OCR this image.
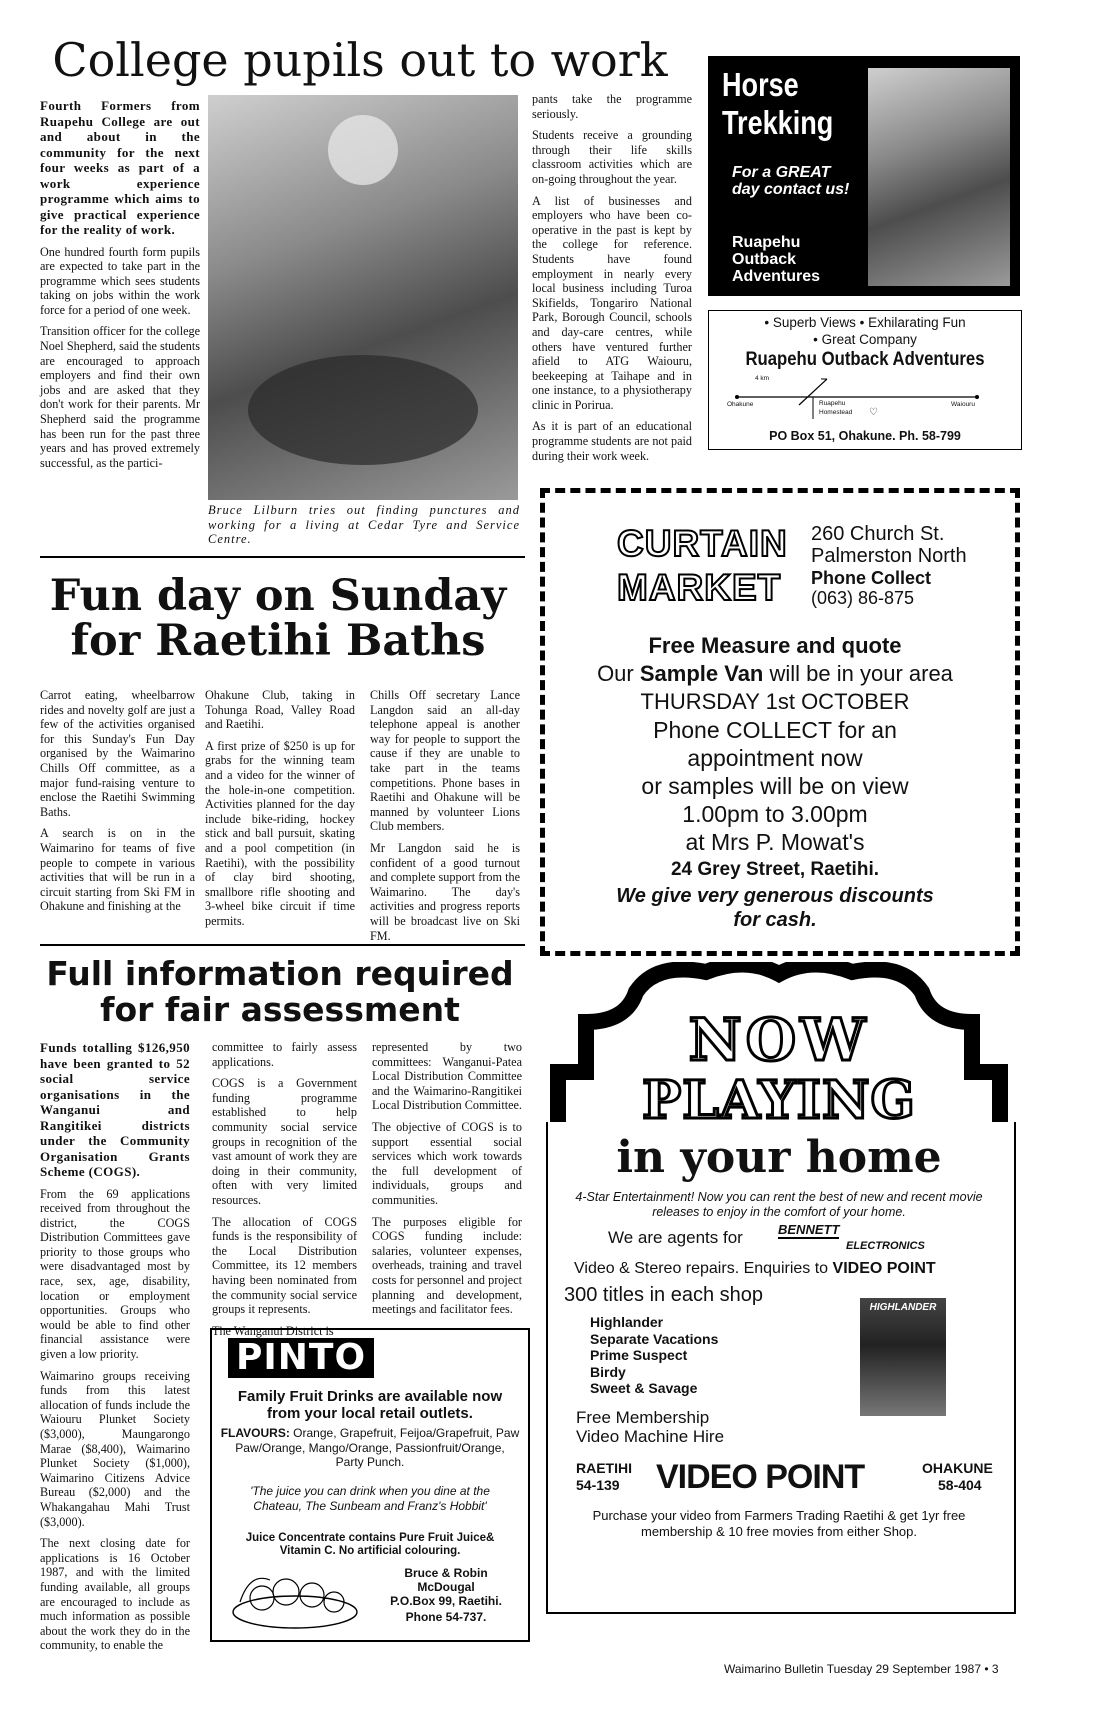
College pupils out to work

Fourth Formers from Ruapehu College are out and about in the community for the next four weeks as part of a work experience programme which aims to give practical experience for the reality of work.

One hundred fourth form pupils are expected to take part in the programme which sees students taking on jobs within the work force for a period of one week.

Transition officer for the college Noel Shepherd, said the students are encouraged to approach employers and find their own jobs and are asked that they don't work for their parents. Mr Shepherd said the programme has been run for the past three years and has proved extremely successful, as the partici-

Bruce Lilburn tries out finding punctures and working for a living at Cedar Tyre and Service Centre.

pants take the programme seriously.

Students receive a grounding through their life skills classroom activities which are on-going throughout the year.

A list of businesses and employers who have been co-operative in the past is kept by the college for reference. Students have found employment in nearly every local business including Turoa Skifields, Tongariro National Park, Borough Council, schools and day-care centres, while others have ventured further afield to ATG Waiouru, beekeeping at Taihape and in one instance, to a physiotherapy clinic in Porirua.

As it is part of an educational programme students are not paid during their work week.

Horse Trekking
For a GREAT day contact us!
Ruapehu Outback Adventures
• Superb Views • Exhilarating Fun
• Great Company
Ruapehu Outback Adventures
4 km
Ohakune	Ruapehu Homestead	♡
Waiouru
PO Box 51, Ohakune. Ph. 58-799
Fun day on Sunday for Raetihi Baths

Carrot eating, wheelbarrow rides and novelty golf are just a few of the activities organised for this Sunday's Fun Day organised by the Waimarino Chills Off committee, as a major fund-raising venture to enclose the Raetihi Swimming Baths.

A search is on in the Waimarino for teams of five people to compete in various activities that will be run in a circuit starting from Ski FM in Ohakune and finishing at the

Ohakune Club, taking in Tohunga Road, Valley Road and Raetihi.

A first prize of $250 is up for grabs for the winning team and a video for the winner of the hole-in-one competition. Activities planned for the day include bike-riding, hockey stick and ball pursuit, skating and a pool competition (in Raetihi), with the possibility of clay bird shooting, smallbore rifle shooting and 3-wheel bike circuit if time permits.

Chills Off secretary Lance Langdon said an all-day telephone appeal is another way for people to support the cause if they are unable to take part in the teams competitions. Phone bases in Raetihi and Ohakune will be manned by volunteer Lions Club members.

Mr Langdon said he is confident of a good turnout and complete support from the Waimarino. The day's activities and progress reports will be broadcast live on Ski FM.

CURTAIN
MARKET
260 Church St.
Palmerston North
Phone Collect
(063) 86-875
Free Measure and quote
Our Sample Van will be in your area
THURSDAY 1st OCTOBER
Phone COLLECT for an
appointment now
or samples will be on view
1.00pm to 3.00pm
at Mrs P. Mowat's
24 Grey Street, Raetihi.
We give very generous discounts
for cash.
Full information required for fair assessment

Funds totalling $126,950 have been granted to 52 social service organisations in the Wanganui and Rangitikei districts under the Community Organisation Grants Scheme (COGS).

From the 69 applications received from throughout the district, the COGS Distribution Committees gave priority to those groups who were disadvantaged most by race, sex, age, disability, location or employment opportunities. Groups who would be able to find other financial assistance were given a low priority.

Waimarino groups receiving funds from this latest allocation of funds include the Waiouru Plunket Society ($3,000), Maungarongo Marae ($8,400), Waimarino Plunket Society ($1,000), Waimarino Citizens Advice Bureau ($2,000) and the Whakangahau Mahi Trust ($3,000).

The next closing date for applications is 16 October 1987, and with the limited funding available, all groups are encouraged to include as much information as possible about the work they do in the community, to enable the

committee to fairly assess applications.

COGS is a Government funding programme established to help community social service groups in recognition of the vast amount of work they are doing in their community, often with very limited resources.

The allocation of COGS funds is the responsibility of the Local Distribution Committee, its 12 members having been nominated from the community social service groups it represents.

The Wanganui District is

represented by two committees: Wanganui-Patea Local Distribution Committee and the Waimarino-Rangitikei Local Distribution Committee.

The objective of COGS is to support essential social services which work towards the full development of individuals, groups and communities.

The purposes eligible for COGS funding include: salaries, volunteer expenses, overheads, training and travel costs for personnel and project planning and development, meetings and facilitator fees.

PINTO
Family Fruit Drinks are available now from your local retail outlets.
FLAVOURS: Orange, Grapefruit, Feijoa/Grapefruit, Paw Paw/Orange, Mango/Orange, Passionfruit/Orange, Party Punch.
'The juice you can drink when you dine at the Chateau, The Sunbeam and Franz's Hobbit'
Juice Concentrate contains Pure Fruit Juice& Vitamin C. No artificial colouring.
Bruce & Robin
McDougal
P.O.Box 99, Raetihi.
Phone 54-737.
NOW
PLAYING
in your home
4-Star Entertainment! Now you can rent the best of new and recent movie releases to enjoy in the comfort of your home.
We are agents for	BENNETT
ELECTRONICS
Video & Stereo repairs. Enquiries to VIDEO POINT
300 titles in each shop
Highlander
Separate Vacations
Prime Suspect
Birdy
Sweet & Savage
HIGHLANDER
Free Membership
Video Machine Hire
RAETIHI
54-139 VIDEO POINT	OHAKUNE
58-404
Purchase your video from Farmers Trading Raetihi & get 1yr free membership & 10 free movies from either Shop.
Waimarino Bulletin Tuesday 29 September 1987 • 3
